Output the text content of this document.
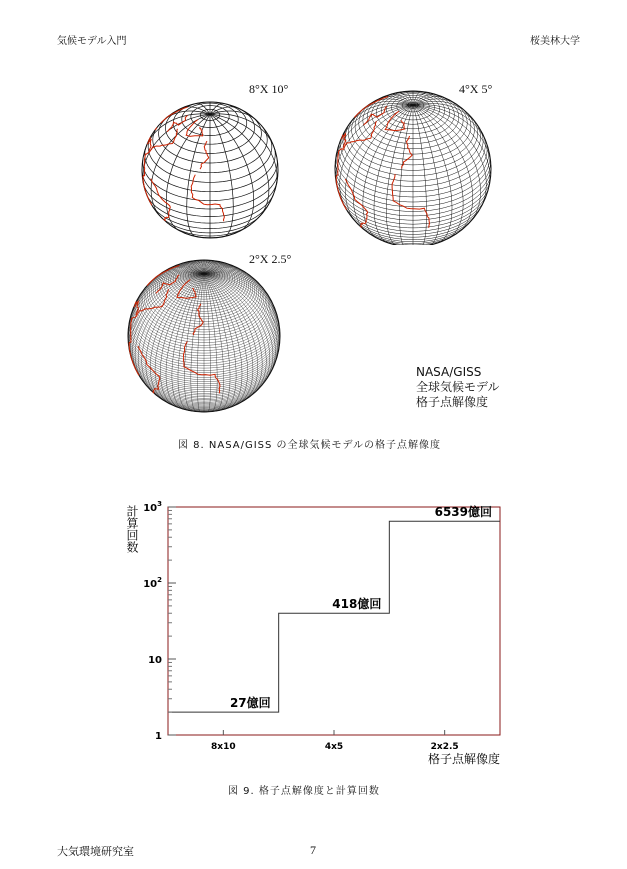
気候モデル入門	桜美林大学
8°X 10°	4°X 5°
2°X 2.5°
NASA/GISS
全球気候モデル
格子点解像度
図 8. NASA/GISS の全球気候モデルの格子点解像度
1
10
$10^2$
$10^3$
8x10	4x5	2x2.5
27億回
418億回
6539億回
計算回数
格子点解像度
図 9. 格子点解像度と計算回数
大気環境研究室	7
